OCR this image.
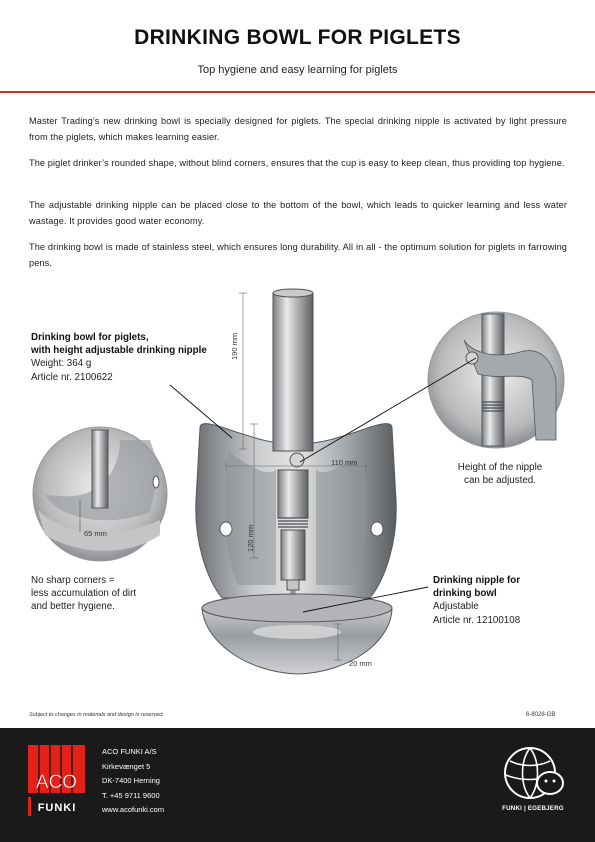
DRINKING BOWL FOR PIGLETS
Top hygiene and easy learning for piglets
Master Trading’s new drinking bowl is specially designed for piglets. The special drinking nipple is activated by light pressure from the piglets, which makes learning easier.
The piglet drinker’s rounded shape, without blind corners, ensures that the cup is easy to keep clean, thus providing top hygiene.
The adjustable drinking nipple can be placed close to the bottom of the bowl, which leads to quicker learning and less water wastage. It provides good water economy.
The drinking bowl is made of stainless steel, which ensures long durability. All in all - the optimum solution for piglets in farrowing pens.
190 mm
110 mm
120 mm
65 mm
20 mm
Drinking bowl for piglets,
with height adjustable drinking nipple
Weight: 364 g
Article nr. 2100622
Height of the nipple
can be adjusted.
No sharp corners =
less accumulation of dirt
and better hygiene.
Drinking nipple for
drinking bowl
Adjustable
Article nr. 12100108
Subject to changes in materials and design is reserved.	6-8028-GB
ACO
FUNKI
ACO FUNKI A/S
Kirkevænget 5
DK-7400 Herning
T. +45 9711 9600
www.acofunki.com	FUNKI | EGEBJERG
